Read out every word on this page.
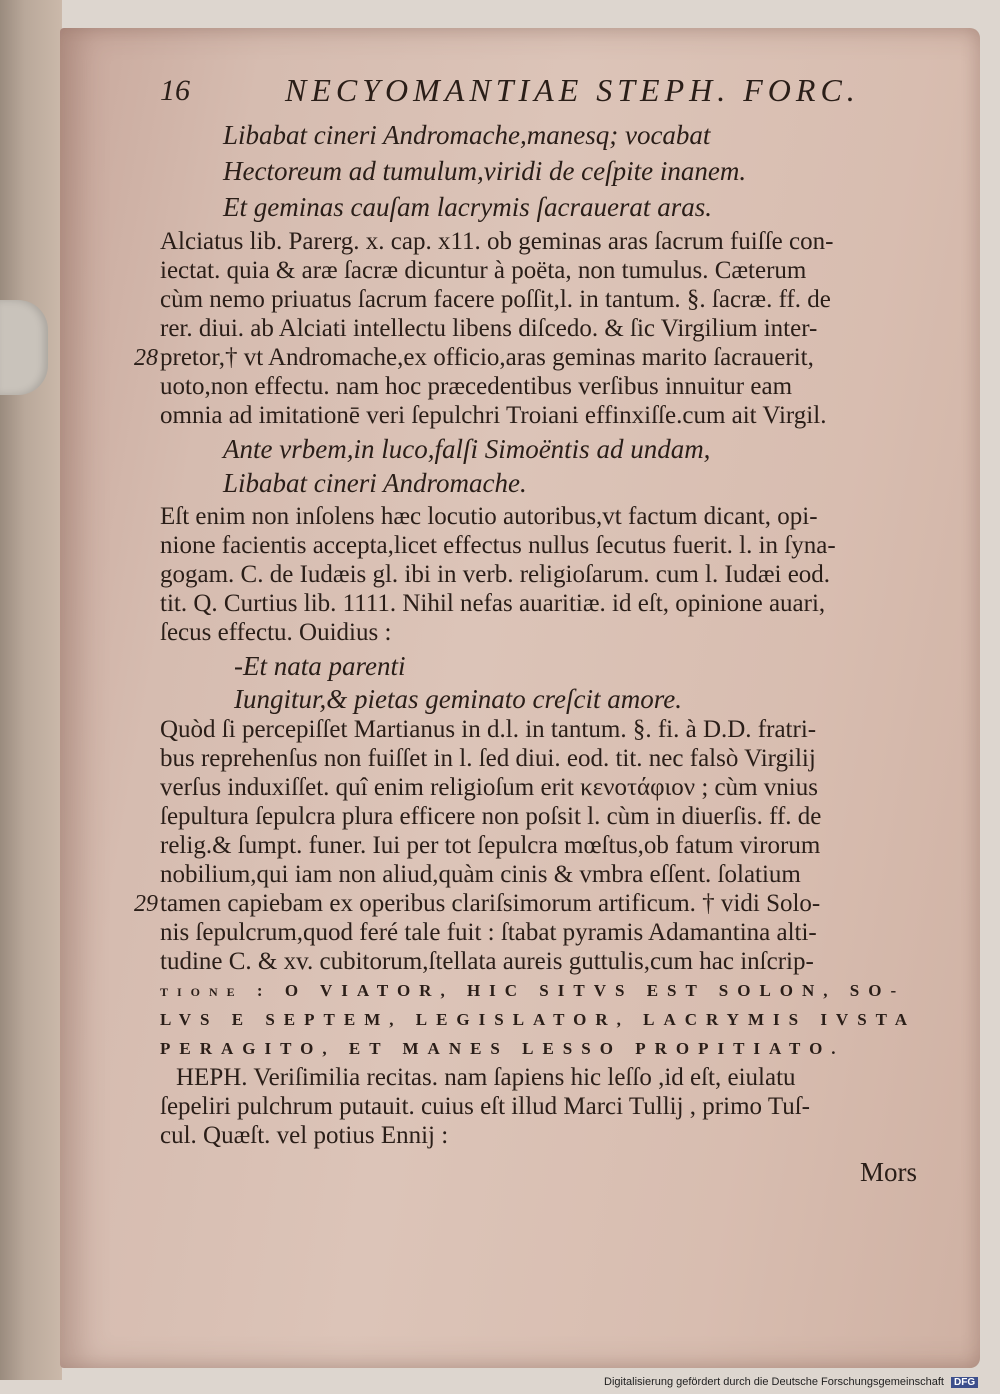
16	NECYOMANTIAE STEPH. FORC.
Libabat cineri Andromache,manesq; vocabat
Hectoreum ad tumulum,viridi de ceſpite inanem.
Et geminas cauſam lacrymis ſacrauerat aras.
Alciatus lib. Parerg. x. cap. x11. ob geminas aras ſacrum fuiſſe con-
iectat. quia & aræ ſacræ dicuntur à poëta, non tumulus. Cæterum
cùm nemo priuatus ſacrum facere poſſit,l. in tantum. §. ſacræ. ff. de
rer. diui. ab Alciati intellectu libens diſcedo. & ſic Virgilium inter-
pretor,† vt Andromache,ex officio,aras geminas marito ſacrauerit,
28
uoto,non effectu. nam hoc præcedentibus verſibus innuitur eam
omnia ad imitationē veri ſepulchri Troiani effinxiſſe.cum ait Virgil.
Ante vrbem,in luco,falſi Simoëntis ad undam,
Libabat cineri Andromache.
Eſt enim non inſolens hæc locutio autoribus,vt factum dicant, opi-
nione facientis accepta,licet effectus nullus ſecutus fuerit. l. in ſyna-
gogam. C. de Iudæis gl. ibi in verb. religioſarum. cum l. Iudæi eod.
tit. Q. Curtius lib. 1111. Nihil nefas auaritiæ. id eſt, opinione auari,
ſecus effectu. Ouidius :
-Et nata parenti
Iungitur,& pietas geminato creſcit amore.
Quòd ſi percepiſſet Martianus in d.l. in tantum. §. fi. à D.D. fratri-
bus reprehenſus non fuiſſet in l. ſed diui. eod. tit. nec falsò Virgilij
verſus induxiſſet. quî enim religioſum erit κενοτάφιον ; cùm vnius
ſepultura ſepulcra plura efficere non poſsit l. cùm in diuerſis. ff. de
relig.& ſumpt. funer. Iui per tot ſepulcra mœſtus,ob fatum virorum
nobilium,qui iam non aliud,quàm cinis & vmbra eſſent. ſolatium
tamen capiebam ex operibus clariſsimorum artificum. † vidi Solo-
29
nis ſepulcrum,quod feré tale fuit : ſtabat pyramis Adamantina alti-
tudine C. & xv. cubitorum,ſtellata aureis guttulis,cum hac inſcrip-
tione : O VIATOR, HIC SITVS EST SOLON, SO-
LVS E SEPTEM, LEGISLATOR, LACRYMIS IVSTA
PERAGITO, ET MANES LESSO PROPITIATO.
HEPH. Veriſimilia recitas. nam ſapiens hic leſſo ,id eſt, eiulatu
ſepeliri pulchrum putauit. cuius eſt illud Marci Tullij , primo Tuſ-
cul. Quæſt. vel potius Ennij :
Mors
Digitalisierung gefördert durch die Deutsche Forschungsgemeinschaft DFG
